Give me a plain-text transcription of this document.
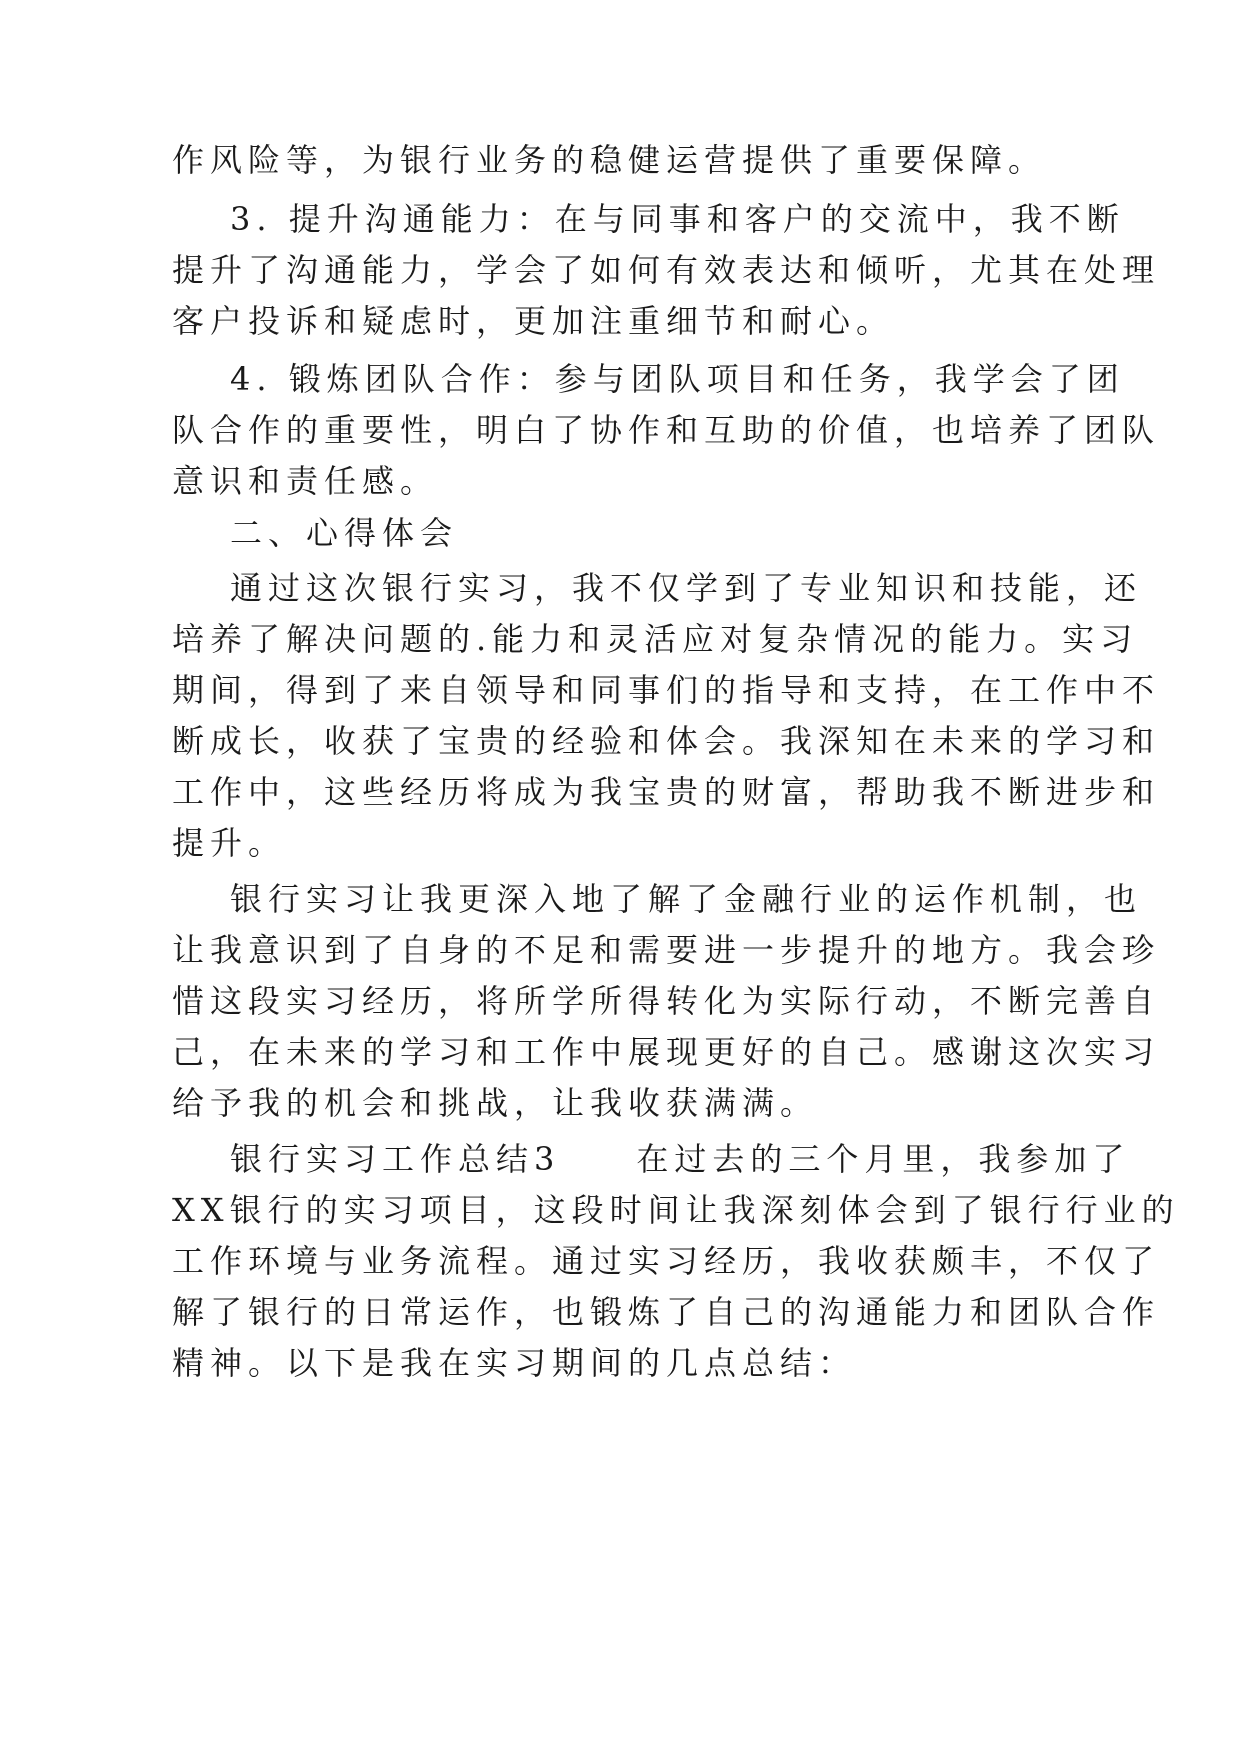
作风险等，为银行业务的稳健运营提供了重要保障。
3. 提升沟通能力：在与同事和客户的交流中，我不断
提升了沟通能力，学会了如何有效表达和倾听，尤其在处理
客户投诉和疑虑时，更加注重细节和耐心。
4. 锻炼团队合作：参与团队项目和任务，我学会了团
队合作的重要性，明白了协作和互助的价值，也培养了团队
意识和责任感。
二、心得体会
通过这次银行实习，我不仅学到了专业知识和技能，还
培养了解决问题的.能力和灵活应对复杂情况的能力。实习
期间，得到了来自领导和同事们的指导和支持，在工作中不
断成长，收获了宝贵的经验和体会。我深知在未来的学习和
工作中，这些经历将成为我宝贵的财富，帮助我不断进步和
提升。
银行实习让我更深入地了解了金融行业的运作机制，也
让我意识到了自身的不足和需要进一步提升的地方。我会珍
惜这段实习经历，将所学所得转化为实际行动，不断完善自
己，在未来的学习和工作中展现更好的自己。感谢这次实习
给予我的机会和挑战，让我收获满满。
银行实习工作总结3　　在过去的三个月里，我参加了
XX银行的实习项目，这段时间让我深刻体会到了银行行业的
工作环境与业务流程。通过实习经历，我收获颇丰，不仅了
解了银行的日常运作，也锻炼了自己的沟通能力和团队合作
精神。以下是我在实习期间的几点总结：
